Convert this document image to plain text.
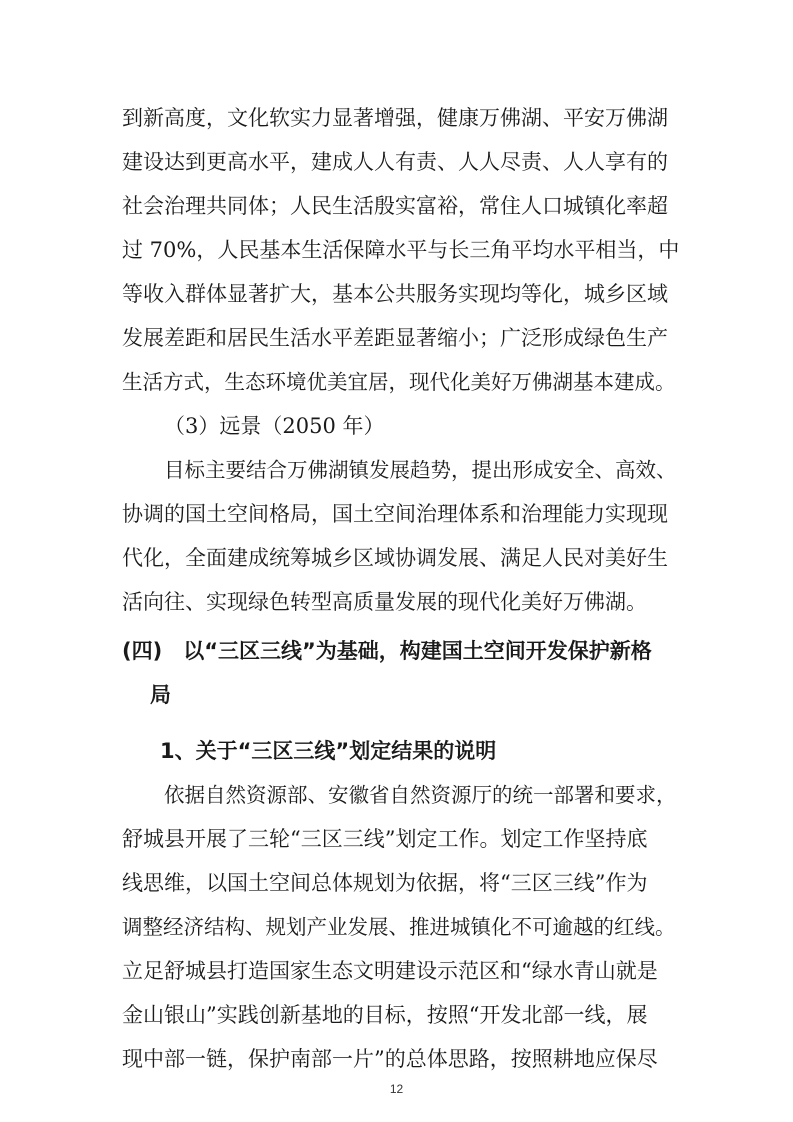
到新高度，文化软实力显著增强，健康万佛湖、平安万佛湖
建设达到更高水平，建成人人有责、人人尽责、人人享有的
社会治理共同体；人民生活殷实富裕，常住人口城镇化率超
过 70%，人民基本生活保障水平与长三角平均水平相当，中
等收入群体显著扩大，基本公共服务实现均等化，城乡区域
发展差距和居民生活水平差距显著缩小；广泛形成绿色生产
生活方式，生态环境优美宜居，现代化美好万佛湖基本建成。
（3）远景（2050 年）
目标主要结合万佛湖镇发展趋势，提出形成安全、高效、
协调的国土空间格局，国土空间治理体系和治理能力实现现
代化，全面建成统筹城乡区域协调发展、满足人民对美好生
活向往、实现绿色转型高质量发展的现代化美好万佛湖。
(四)　以“三区三线”为基础，构建国土空间开发保护新格
局
1、关于“三区三线”划定结果的说明
依据自然资源部、安徽省自然资源厅的统一部署和要求，
舒城县开展了三轮“三区三线”划定工作。划定工作坚持底
线思维，以国土空间总体规划为依据，将“三区三线”作为
调整经济结构、规划产业发展、推进城镇化不可逾越的红线。
立足舒城县打造国家生态文明建设示范区和“绿水青山就是
金山银山”实践创新基地的目标，按照“开发北部一线，展
现中部一链，保护南部一片”的总体思路，按照耕地应保尽
12
